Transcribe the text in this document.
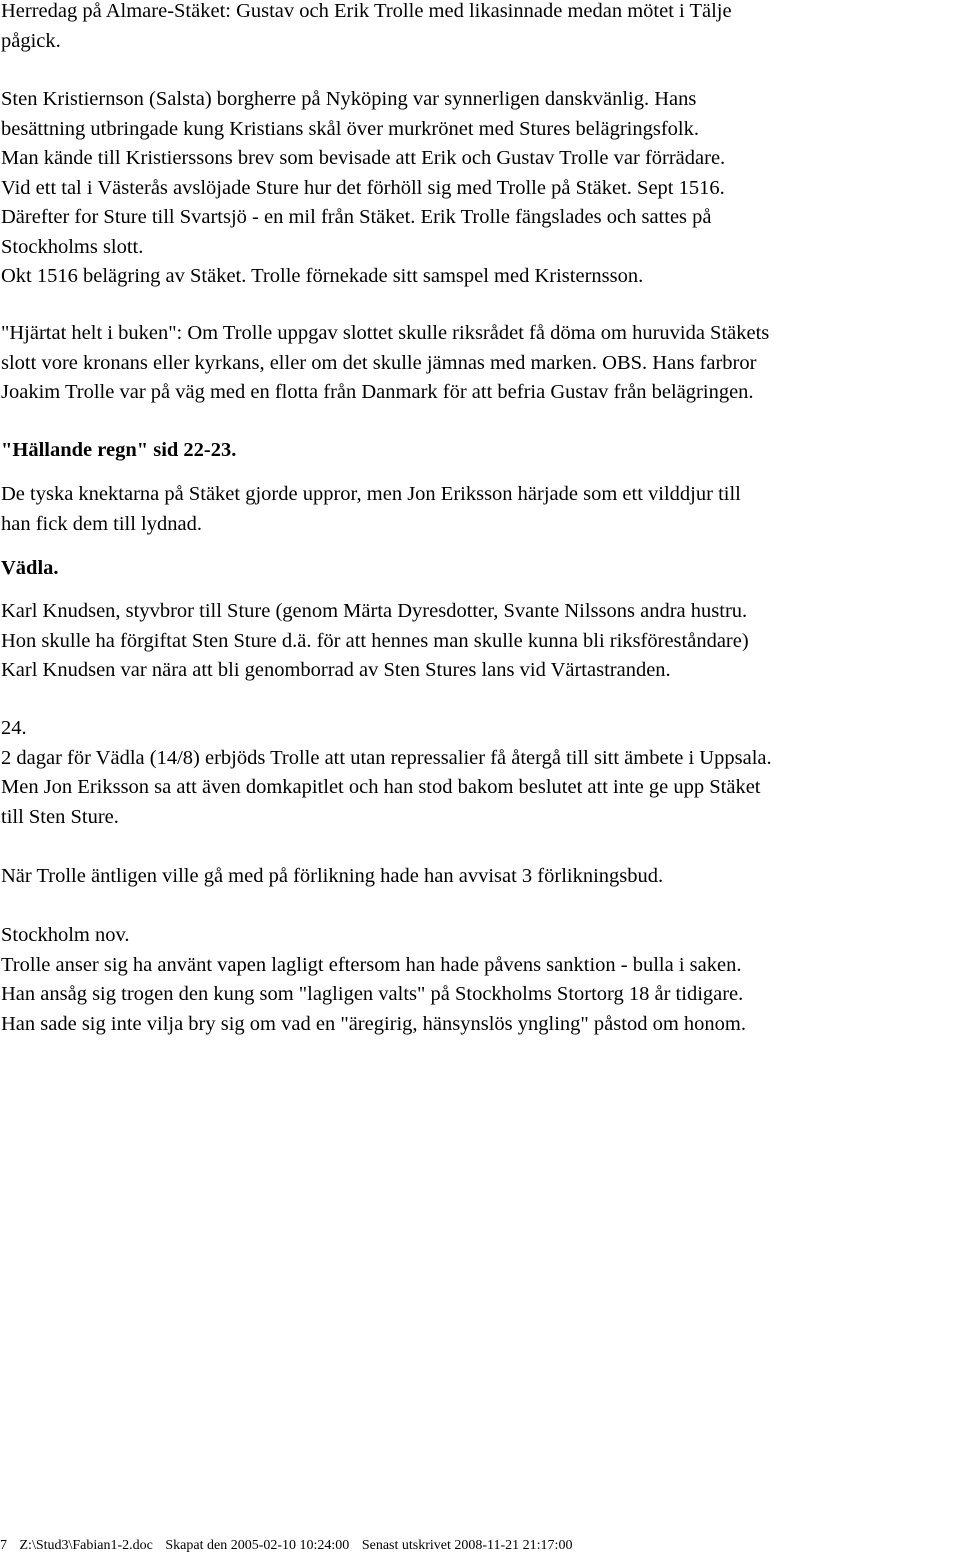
Herredag på Almare-Stäket: Gustav och Erik Trolle med likasinnade medan mötet i Tälje
pågick.
Sten Kristiernson (Salsta) borgherre på Nyköping var synnerligen danskvänlig. Hans
besättning utbringade kung Kristians skål över murkrönet med Stures belägringsfolk.
Man kände till Kristierssons brev som bevisade att Erik och Gustav Trolle var förrädare.
Vid ett tal i Västerås avslöjade Sture hur det förhöll sig med Trolle på Stäket. Sept 1516.
Därefter for Sture till Svartsjö - en mil från Stäket. Erik Trolle fängslades och sattes på
Stockholms slott.
Okt 1516 belägring av Stäket. Trolle förnekade sitt samspel med Kristernsson.
"Hjärtat helt i buken": Om Trolle uppgav slottet skulle riksrådet få döma om huruvida Stäkets
slott vore kronans eller kyrkans, eller om det skulle jämnas med marken. OBS. Hans farbror
Joakim Trolle var på väg med en flotta från Danmark för att befria Gustav från belägringen.
"Hällande regn" sid 22-23.
De tyska knektarna på Stäket gjorde uppror, men Jon Eriksson härjade som ett vilddjur till
han fick dem till lydnad.
Vädla.
Karl Knudsen, styvbror till Sture (genom Märta Dyresdotter, Svante Nilssons andra hustru.
Hon skulle ha förgiftat Sten Sture d.ä. för att hennes man skulle kunna bli riksföreståndare)
Karl Knudsen var nära att bli genomborrad av Sten Stures lans vid Värtastranden.
24.
2 dagar för Vädla (14/8) erbjöds Trolle att utan repressalier få återgå till sitt ämbete i Uppsala.
Men Jon Eriksson sa att även domkapitlet och han stod bakom beslutet att inte ge upp Stäket
till Sten Sture.
När Trolle äntligen ville gå med på förlikning hade han avvisat 3 förlikningsbud.
Stockholm nov.
Trolle anser sig ha använt vapen lagligt eftersom han hade påvens sanktion - bulla i saken.
Han ansåg sig trogen den kung som "lagligen valts" på Stockholms Stortorg 18 år tidigare.
Han sade sig inte vilja bry sig om vad en "äregirig, hänsynslös yngling" påstod om honom.
7 Z:\Stud3\Fabian1-2.doc Skapat den 2005-02-10 10:24:00 Senast utskrivet 2008-11-21 21:17:00
